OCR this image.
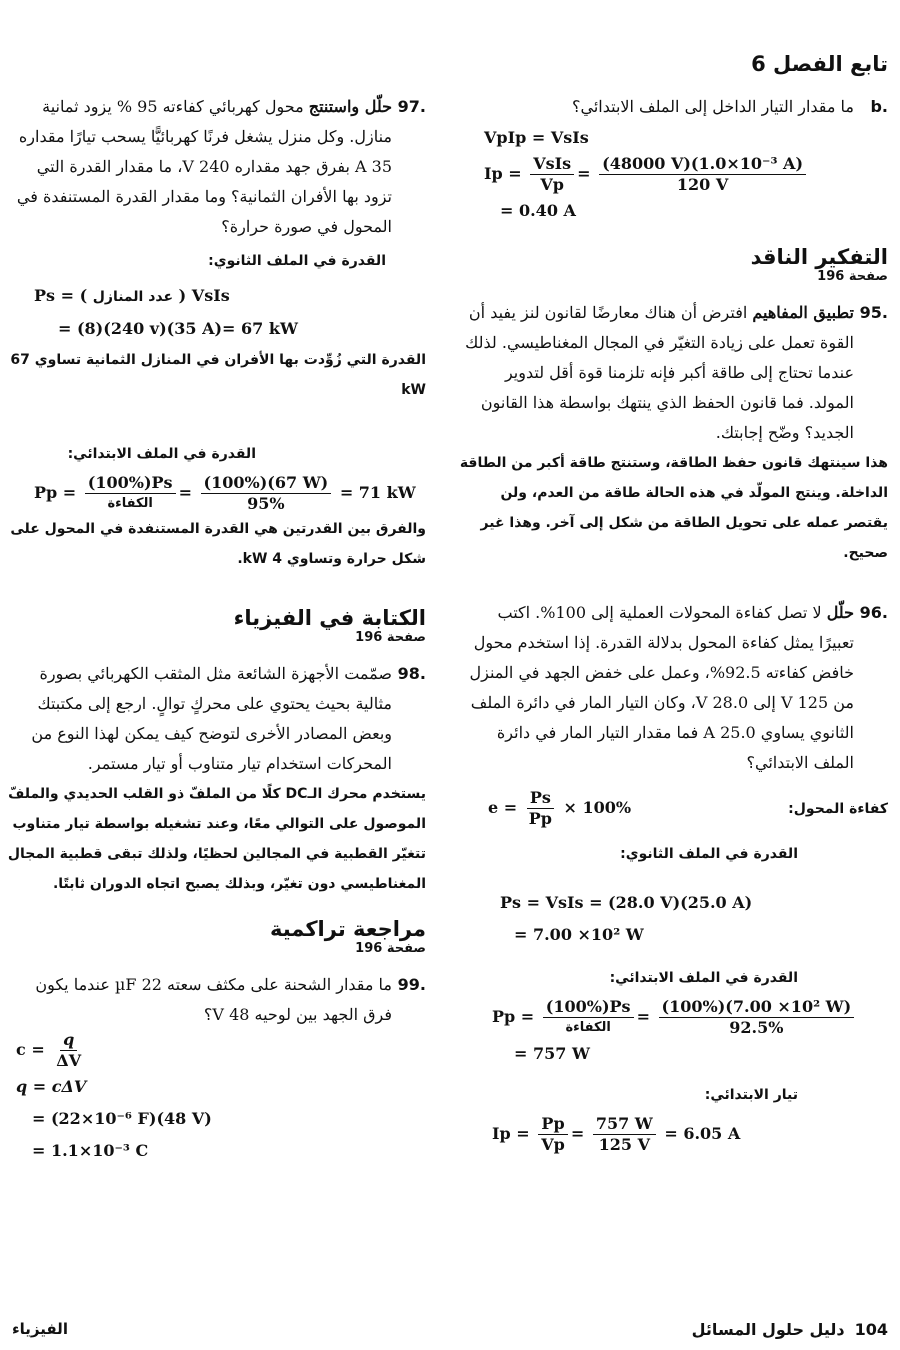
تابع الفصل 6
.b
ما مقدار التيار الداخل إلى الملف الابتدائي؟
VpIp = VsIs
$Ip = \frac{\text{VsIs}}{Vp} = \frac{\text{(48000 V)(1.0×10⁻³ A)}}{120 V}$
= 0.40 A
التفكير الناقد
صفحة 196
.95
تطبيق المفاهيم افترض أن هناك معارضًا لقانون لنز يفيد أن القوة تعمل على زيادة التغيّر في المجال المغناطيسي. لذلك عندما تحتاج إلى طاقة أكبر فإنه تلزمنا قوة أقل لتدوير المولد. فما قانون الحفظ الذي ينتهك بواسطة هذا القانون الجديد؟ وضّح إجابتك.
هذا سينتهك قانون حفظ الطاقة، وستنتج طاقة أكبر من الطاقة الداخلة. وينتج المولّد في هذه الحالة طاقة من العدم، ولن يقتصر عمله على تحويل الطاقة من شكل إلى آخر. وهذا غير صحيح.
.96
حلّل لا تصل كفاءة المحولات العملية إلى 100%. اكتب تعبيرًا يمثل كفاءة المحول بدلالة القدرة. إذا استخدم محول خافض كفاءته 92.5%، وعمل على خفض الجهد في المنزل من 125 V إلى 28.0 V، وكان التيار المار في دائرة الملف الثانوي يساوي 25.0 A فما مقدار التيار المار في دائرة الملف الابتدائي؟
كفاءة المحول:
$e = \frac{Ps}{Pp} \times 100\%$
القدرة في الملف الثانوي:
Ps = VsIs = (28.0 V)(25.0 A)
= 7.00 ×10² W
القدرة في الملف الابتدائي:
$Pp = \frac{(100\%)Ps}{\text{الكفاءة}} = \frac{\text{(100\%)(7.00 ×10² W)}}{92.5\%}$
= 757 W
تيار الابتدائي:
$Ip = \frac{Pp}{Vp} = \frac{757 W}{125 V} = 6.05$ A
.97
حلّل واستنتج محول كهربائي كفاءته 95 % يزود ثمانية منازل. وكل منزل يشغل فرنًا كهربائيًّا يسحب تيارًا مقداره 35 A بفرق جهد مقداره 240 V، ما مقدار القدرة التي تزود بها الأفران الثمانية؟ وما مقدار القدرة المستنفدة في المحول في صورة حرارة؟
القدرة في الملف الثانوي:
Ps = ( عدد المنازل ) VsIs
= (8)(240 v)(35 A)= 67 kW
القدرة التي زُوِّدت بها الأفران في المنازل الثمانية تساوي 67 kW
القدرة في الملف الابتدائي:
$Pp = \frac{(100\%)Ps}{\text{الكفاءة}} = \frac{(100\%)(67 W)}{95\%} = 71$ kW
والفرق بين القدرتين هي القدرة المستنفدة في المحول على شكل حرارة وتساوي 4 kW.
الكتابة في الفيزياء
صفحة 196
.98
صمّمت الأجهزة الشائعة مثل المثقب الكهربائي بصورة مثالية بحيث يحتوي على محركٍ توالٍ. ارجع إلى مكتبتك وبعض المصادر الأخرى لتوضح كيف يمكن لهذا النوع من المحركات استخدام تيار متناوب أو تيار مستمر.
يستخدم محرك الـDC كلًا من الملفّ ذو القلب الحديدي والملفّ الموصول على التوالي معًا، وعند تشغيله بواسطة تيار متناوب تتغيّر القطبية في المجالين لحظيًا، ولذلك تبقى قطبية المجال المغناطيسي دون تغيّر، وبذلك يصبح اتجاه الدوران ثابتًا.
مراجعة تراكمية
صفحة 196
.99
ما مقدار الشحنة على مكثف سعته 22 µF عندما يكون فرق الجهد بين لوحيه 48 V؟
$c = \frac{q}{\Delta V}$
q = cΔV
= (22×10⁻⁶ F)(48 V)
= 1.1×10⁻³ C
104
دليل حلول المسائل
الفيزياء
